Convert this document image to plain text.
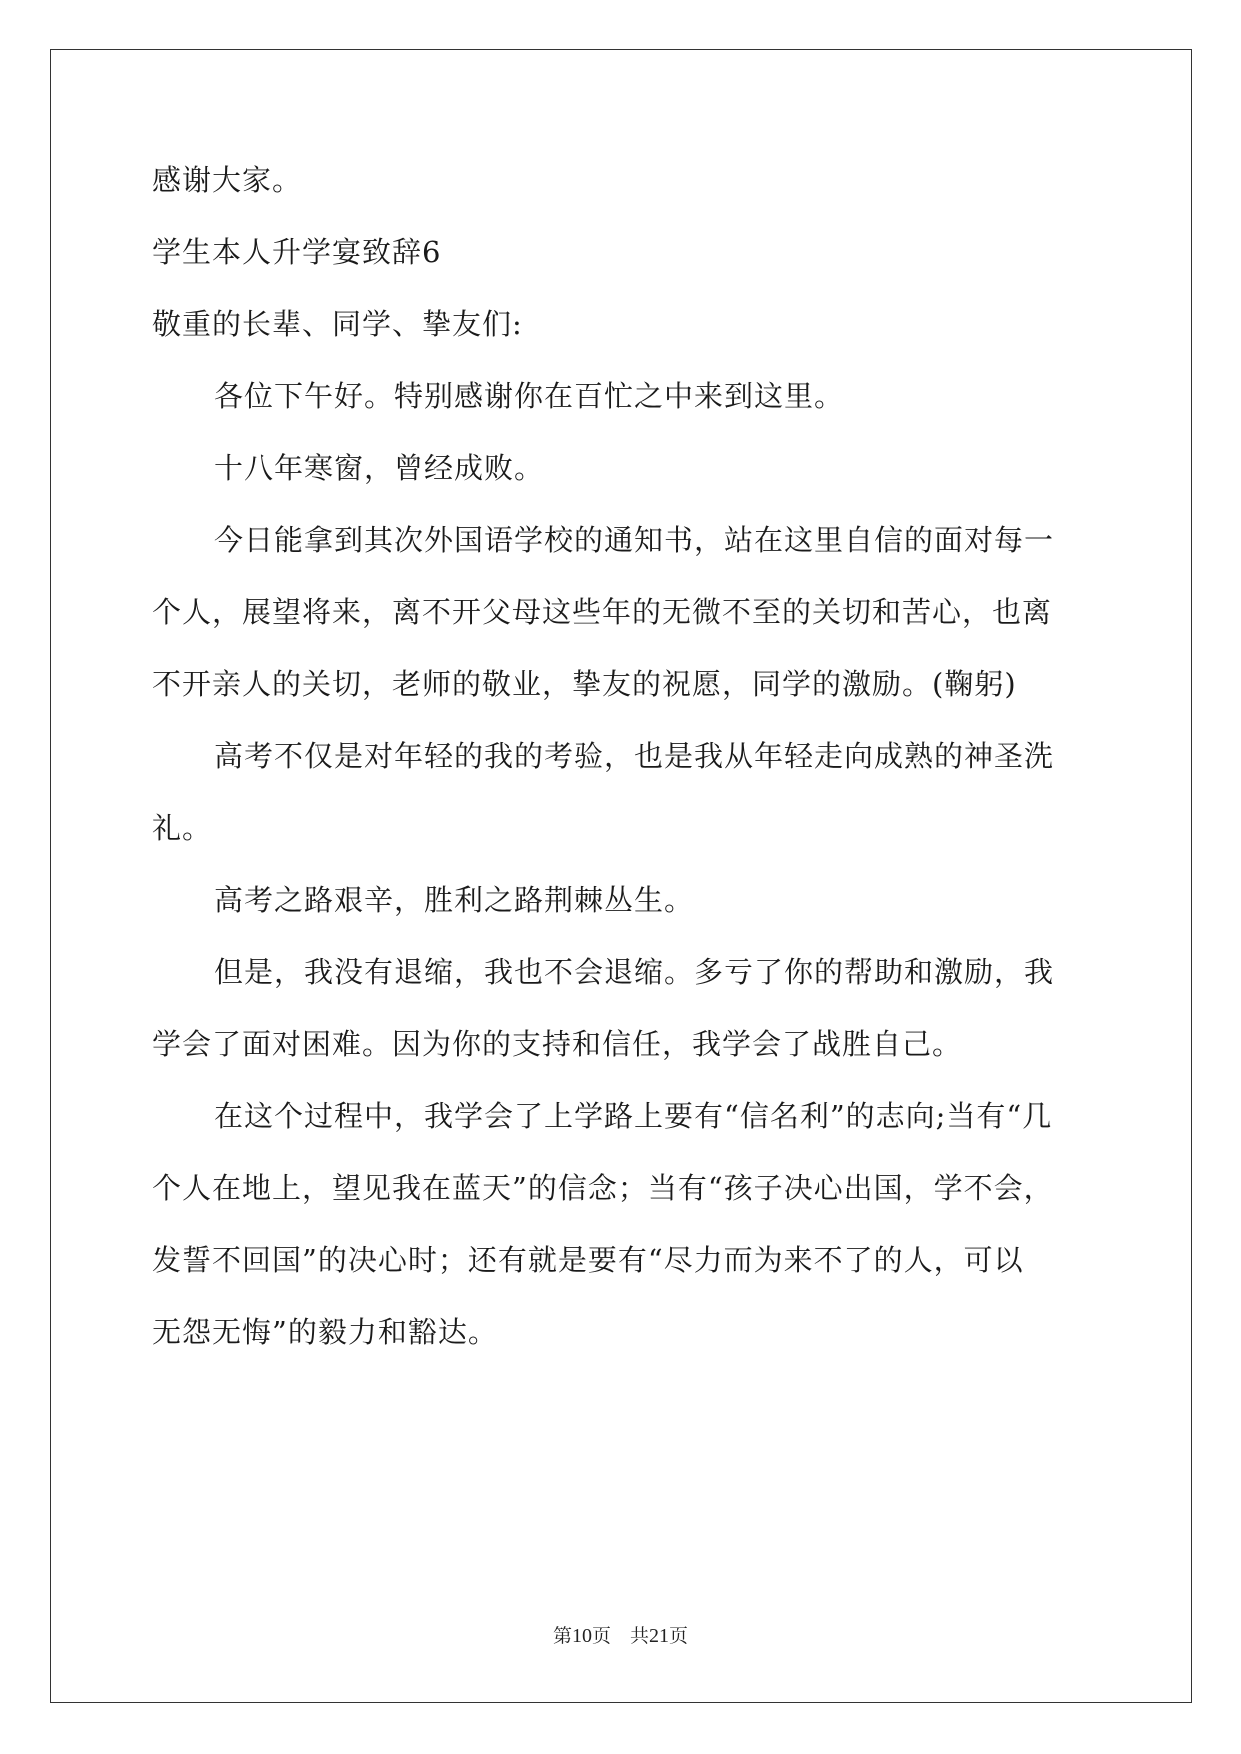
感谢大家。
学生本人升学宴致辞6
敬重的长辈、同学、挚友们:
各位下午好。特别感谢你在百忙之中来到这里。
十八年寒窗，曾经成败。
今日能拿到其次外国语学校的通知书，站在这里自信的面对每一
个人，展望将来，离不开父母这些年的无微不至的关切和苦心，也离
不开亲人的关切，老师的敬业，挚友的祝愿，同学的激励。(鞠躬)
高考不仅是对年轻的我的考验，也是我从年轻走向成熟的神圣洗
礼。
高考之路艰辛，胜利之路荆棘丛生。
但是，我没有退缩，我也不会退缩。多亏了你的帮助和激励，我
学会了面对困难。因为你的支持和信任，我学会了战胜自己。
在这个过程中，我学会了上学路上要有“信名利”的志向;当有“几
个人在地上，望见我在蓝天”的信念；当有“孩子决心出国，学不会，
发誓不回国”的决心时；还有就是要有“尽力而为来不了的人，可以
无怨无悔”的毅力和豁达。
第10页　共21页
